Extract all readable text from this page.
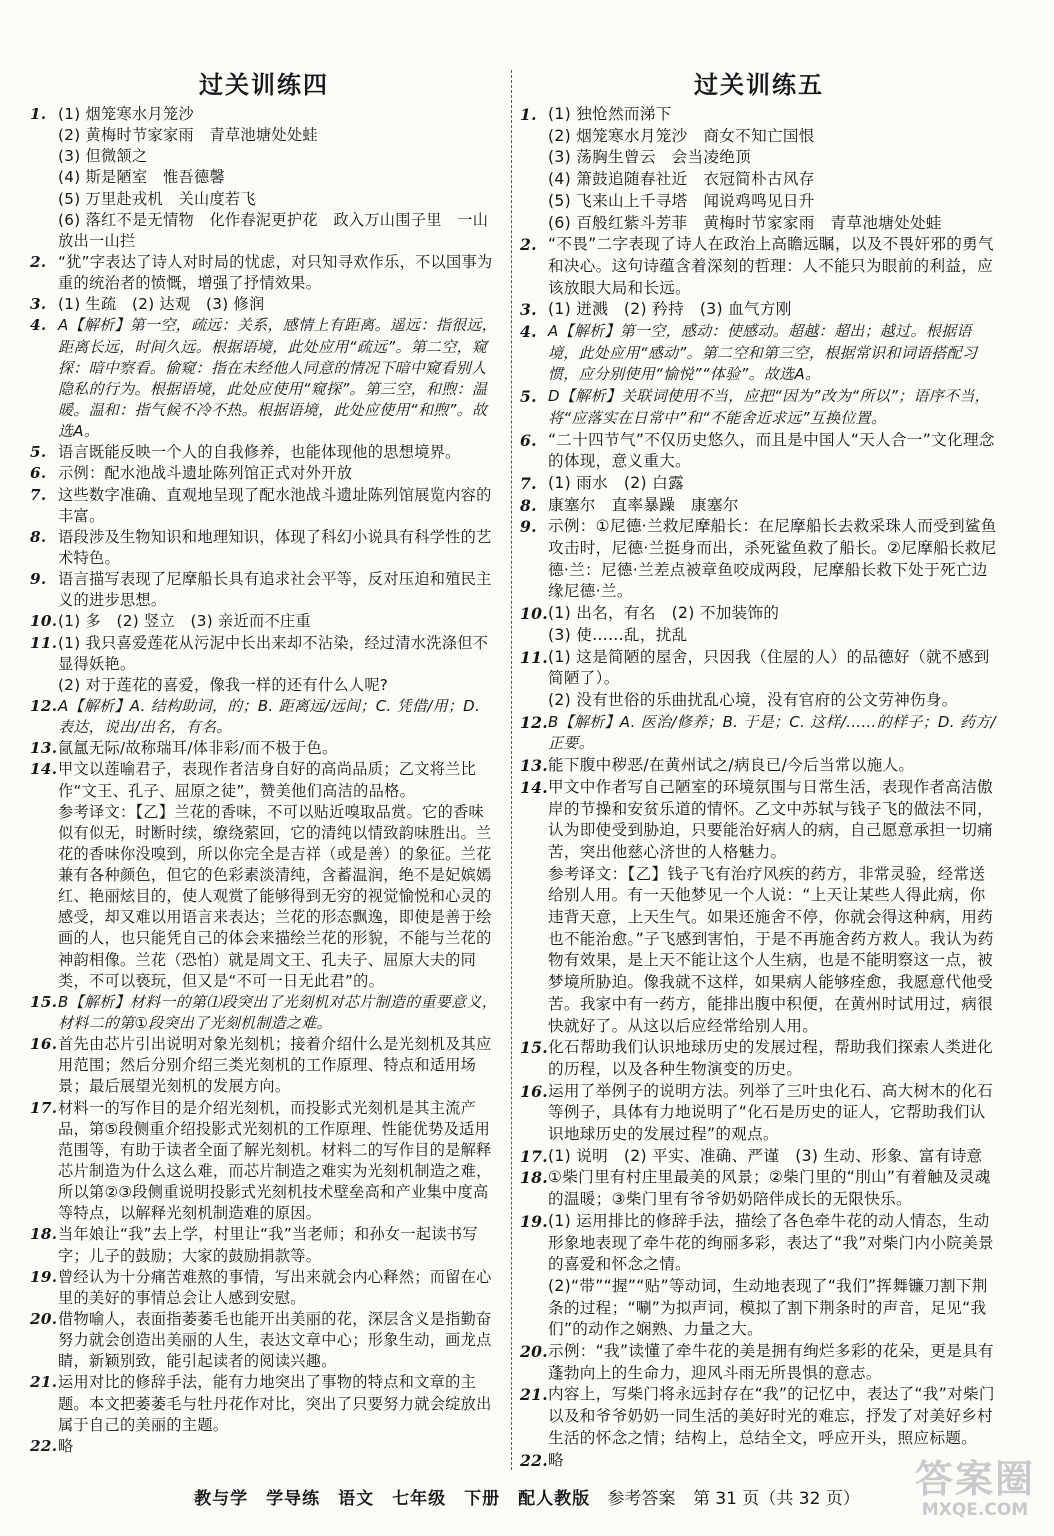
过关训练四
1. (1) 烟笼寒水月笼沙
(2) 黄梅时节家家雨　青草池塘处处蛙
(3) 但微颔之
(4) 斯是陋室　惟吾德馨
(5) 万里赴戎机　关山度若飞
(6) 落红不是无情物　化作春泥更护花　政入万山围子里　一山放出一山拦
2. “犹”字表达了诗人对时局的忧虑，对只知寻欢作乐，不以国事为重的统治者的愤慨，增强了抒情效果。
3. (1) 生疏　(2) 达观　(3) 修润
4. A【解析】第一空，疏远：关系，感情上有距离。遥远：指很远，距离长远，时间久远。根据语境，此处应用“疏远”。第二空，窥探：暗中察看。偷窥：指在未经他人同意的情况下暗中窥看别人隐私的行为。根据语境，此处应使用“窥探”。第三空，和煦：温暖。温和：指气候不冷不热。根据语境，此处应使用“和煦”。故选A。
5. 语言既能反映一个人的自我修养，也能体现他的思想境界。
6. 示例：配水池战斗遗址陈列馆正式对外开放
7. 这些数字准确、直观地呈现了配水池战斗遗址陈列馆展览内容的丰富。
8. 语段涉及生物知识和地理知识，体现了科幻小说具有科学性的艺术特色。
9. 语言描写表现了尼摩船长具有追求社会平等，反对压迫和殖民主义的进步思想。
10. (1) 多　(2) 竖立　(3) 亲近而不庄重
11. (1) 我只喜爱莲花从污泥中长出来却不沾染，经过清水洗涤但不显得妖艳。
(2) 对于莲花的喜爱，像我一样的还有什么人呢?
12. A【解析】A. 结构助词，的；B. 距离远/远间；C. 凭借/用；D. 表达，说出/出名，有名。
13. 氤氲无际/故称瑞耳/体非彩/而不极于色。
14. 甲文以莲喻君子，表现作者洁身自好的高尚品质；乙文将兰比作“文王、孔子、屈原之徒”，赞美他们高洁的品格。
参考译文：【乙】兰花的香味，不可以贴近嗅取品赏。它的香味似有似无，时断时续，缭绕萦回，它的清纯以情致韵味胜出。兰花的香味你没嗅到，所以你完全是吉祥（或是善）的象征。兰花兼有各种颜色，但它的色彩素淡清纯，含蓄温润，绝不是妃嫔嫣红、艳丽炫目的，使人观赏了能够得到无穷的视觉愉悦和心灵的感受，却又难以用语言来表达；兰花的形态飘逸，即使是善于绘画的人，也只能凭自己的体会来描绘兰花的形貌，不能与兰花的神韵相像。兰花（恐怕）就是周文王、孔夫子、屈原大夫的同类，不可以亵玩，但又是“不可一日无此君”的。
15. B【解析】材料一的第⑴段突出了光刻机对芯片制造的重要意义，材料二的第①段突出了光刻机制造之难。
16. 首先由芯片引出说明对象光刻机；接着介绍什么是光刻机及其应用范围；然后分别介绍三类光刻机的工作原理、特点和适用场景；最后展望光刻机的发展方向。
17. 材料一的写作目的是介绍光刻机，而投影式光刻机是其主流产品，第⑤段侧重介绍投影式光刻机的工作原理、性能优势及适用范围等，有助于读者全面了解光刻机。材料二的写作目的是解释芯片制造为什么这么难，而芯片制造之难实为光刻机制造之难，所以第②③段侧重说明投影式光刻机技术壁垒高和产业集中度高等特点，以解释光刻机制造难的原因。
18. 当年娘让“我”去上学，村里让“我”当老师；和孙女一起读书写字；儿子的鼓励；大家的鼓励捐款等。
19. 曾经认为十分痛苦难熬的事情，写出来就会内心释然；而留在心里的美好的事情总会让人感到安慰。
20. 借物喻人，表面指萎萎毛也能开出美丽的花，深层含义是指勤奋努力就会创造出美丽的人生，表达文章中心；形象生动，画龙点睛，新颖别致，能引起读者的阅读兴趣。
21. 运用对比的修辞手法，能有力地突出了事物的特点和文章的主题。本文把萎萎毛与牡丹花作对比，突出了只要努力就会绽放出属于自己的美丽的主题。
22. 略
过关训练五
1. (1) 独怆然而涕下
(2) 烟笼寒水月笼沙　商女不知亡国恨
(3) 荡胸生曾云　会当凌绝顶
(4) 箫鼓追随春社近　衣冠简朴古风存
(5) 飞来山上千寻塔　闻说鸡鸣见日升
(6) 百般红紫斗芳菲　黄梅时节家家雨　青草池塘处处蛙
2. “不畏”二字表现了诗人在政治上高瞻远瞩，以及不畏奸邪的勇气和决心。这句诗蕴含着深刻的哲理：人不能只为眼前的利益，应该放眼大局和长远。
3. (1) 迸溅　(2) 矜持　(3) 血气方刚
4. A【解析】第一空，感动：使感动。超越：超出；越过。根据语境，此处应用“感动”。第二空和第三空，根据常识和词语搭配习惯，应分别使用“愉悦”“体验”。故选A。
5. D【解析】关联词使用不当，应把“因为”改为“所以”；语序不当，将“应落实在日常中”和“不能舍近求远”互换位置。
6. “二十四节气”不仅历史悠久，而且是中国人“天人合一”文化理念的体现，意义重大。
7. (1) 雨水　(2) 白露
8. 康塞尔　直率暴躁　康塞尔
9. 示例：①尼德·兰救尼摩船长：在尼摩船长去救采珠人而受到鲨鱼攻击时，尼德·兰挺身而出，杀死鲨鱼救了船长。②尼摩船长救尼德·兰：尼德·兰差点被章鱼咬成两段，尼摩船长救下处于死亡边缘尼德·兰。
10. (1) 出名，有名　(2) 不加装饰的
(3) 使……乱，扰乱
11. (1) 这是简陋的屋舍，只因我（住屋的人）的品德好（就不感到简陋了）。
(2) 没有世俗的乐曲扰乱心境，没有官府的公文劳神伤身。
12. B【解析】A. 医治/修养；B. 于是；C. 这样/……的样子；D. 药方/正要。
13. 能下腹中秽恶/在黄州试之/病良已/今后当常以施人。
14. 甲文中作者写自己陋室的环境氛围与日常生活，表现作者高洁傲岸的节操和安贫乐道的情怀。乙文中苏轼与钱子飞的做法不同，认为即使受到胁迫，只要能治好病人的病，自己愿意承担一切痛苦，突出他慈心济世的人格魅力。
参考译文：【乙】钱子飞有治疗风疾的药方，非常灵验，经常送给别人用。有一天他梦见一个人说：“上天让某些人得此病，你违背天意，上天生气。如果还施舍不停，你就会得这种病，用药也不能治愈。”子飞感到害怕，于是不再施舍药方救人。我认为药物有效果，是上天不能让这个人生病，也是不能明察这一点，被梦境所胁迫。像我就不这样，如果病人能够痊愈，我愿意代他受苦。我家中有一药方，能排出腹中积便，在黄州时试用过，病很快就好了。从这以后应经常给别人用。
15. 化石帮助我们认识地球历史的发展过程，帮助我们探索人类进化的历程，以及各种生物演变的历史。
16. 运用了举例子的说明方法。列举了三叶虫化石、高大树木的化石等例子，具体有力地说明了“化石是历史的证人，它帮助我们认识地球历史的发展过程”的观点。
17. (1) 说明　(2) 平实、准确、严谨　(3) 生动、形象、富有诗意
18. ①柴门里有村庄里最美的风景；②柴门里的“刖山”有着触及灵魂的温暖；③柴门里有爷爷奶奶陪伴成长的无限快乐。
19. (1) 运用排比的修辞手法，描绘了各色牵牛花的动人情态，生动形象地表现了牵牛花的绚丽多彩，表达了“我”对柴门内小院美景的喜爱和怀念之情。
(2)“带”“握”“贴”等动词，生动地表现了“我们”挥舞镰刀割下荆条的过程；“唰”为拟声词，模拟了割下荆条时的声音，足见“我们”的动作之娴熟、力量之大。
20. 示例：“我”读懂了牵牛花的美是拥有绚烂多彩的花朵，更是具有蓬勃向上的生命力，迎风斗雨无所畏惧的意志。
21. 内容上，写柴门将永远封存在“我”的记忆中，表达了“我”对柴门以及和爷爷奶奶一同生活的美好时光的难忘，抒发了对美好乡村生活的怀念之情；结构上，总结全文，呼应开头，照应标题。
22. 略
教与学　学导练　语文　七年级　下册　配人教版 参考答案 第 31 页（共 32 页）	答案圈
MXQE.COM
